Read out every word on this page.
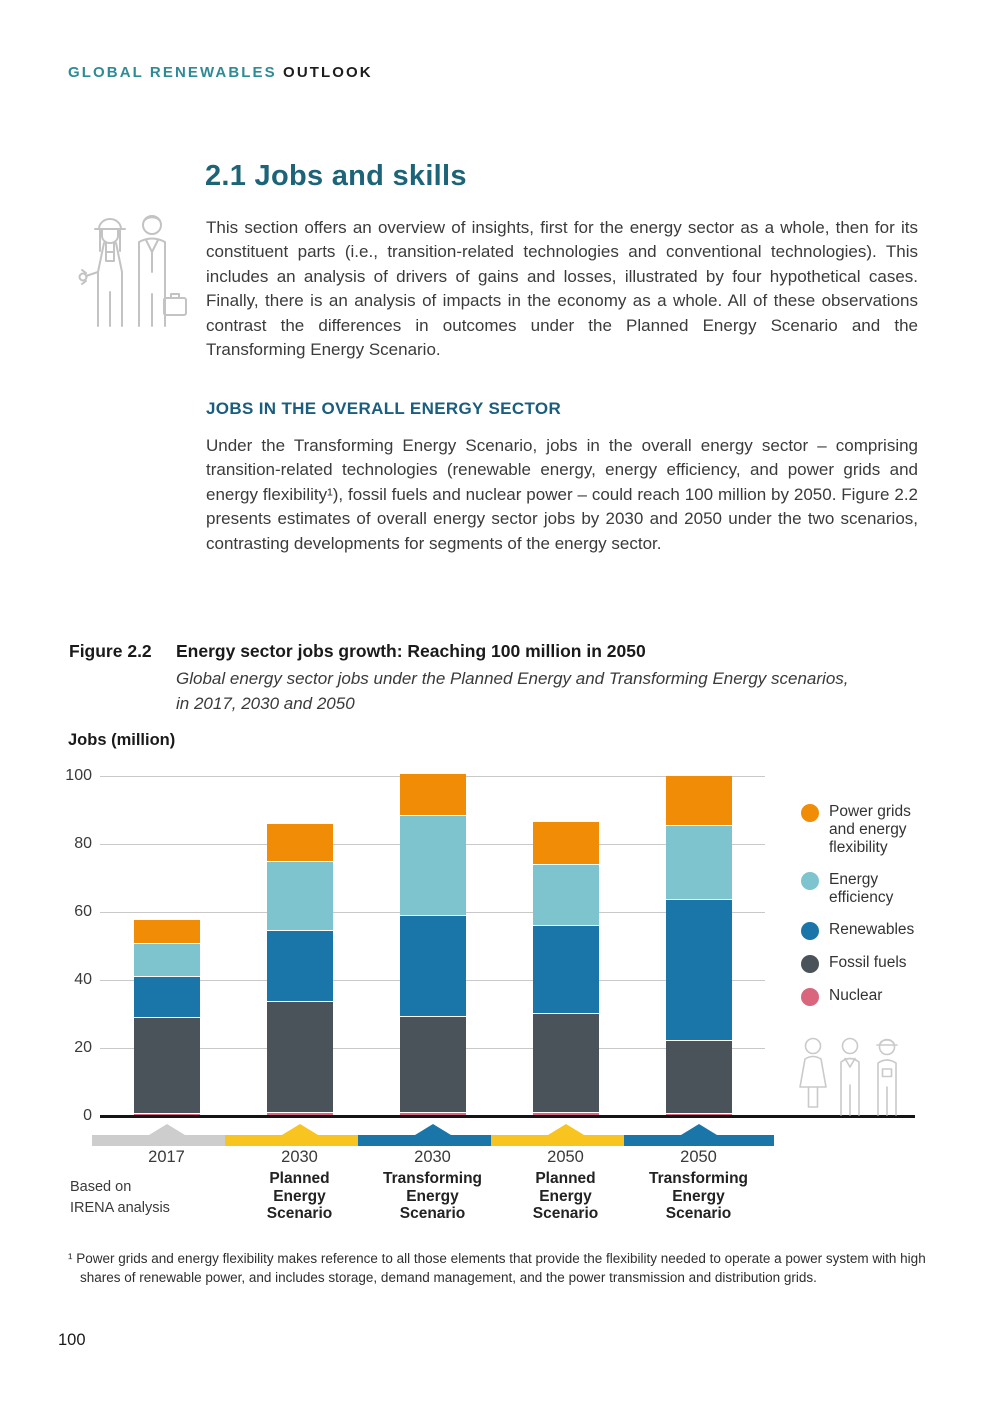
GLOBAL RENEWABLES OUTLOOK
2.1 Jobs and skills

This section offers an overview of insights, first for the energy sector as a whole, then for its constituent parts (i.e., transition-related technologies and conventional technologies). This includes an analysis of drivers of gains and losses, illustrated by four hypothetical cases. Finally, there is an analysis of impacts in the economy as a whole. All of these observations contrast the differences in outcomes under the Planned Energy Scenario and the Transforming Energy Scenario.

JOBS IN THE OVERALL ENERGY SECTOR

Under the Transforming Energy Scenario, jobs in the overall energy sector – comprising transition-related technologies (renewable energy, energy efficiency, and power grids and energy flexibility¹), fossil fuels and nuclear power – could reach 100 million by 2050. Figure 2.2 presents estimates of overall energy sector jobs by 2030 and 2050 under the two scenarios, contrasting developments for segments of the energy sector.

Figure 2.2 Energy sector jobs growth: Reaching 100 million in 2050
Global energy sector jobs under the Planned Energy and Transforming Energy scenarios,
in 2017, 2030 and 2050
Jobs (million)
0
20
40
60
80
100
2017	2030
Planned
Energy
Scenario
2030
Transforming
Energy
Scenario
2050
Planned
Energy
Scenario
2050
Transforming
Energy
Scenario
Power grids and energy flexibility
Energy efficiency
Renewables
Fossil fuels
Nuclear
Based on
IRENA analysis

¹ Power grids and energy flexibility makes reference to all those elements that provide the flexibility needed to operate a power system with high shares of renewable power, and includes storage, demand management, and the power transmission and distribution grids.

100
